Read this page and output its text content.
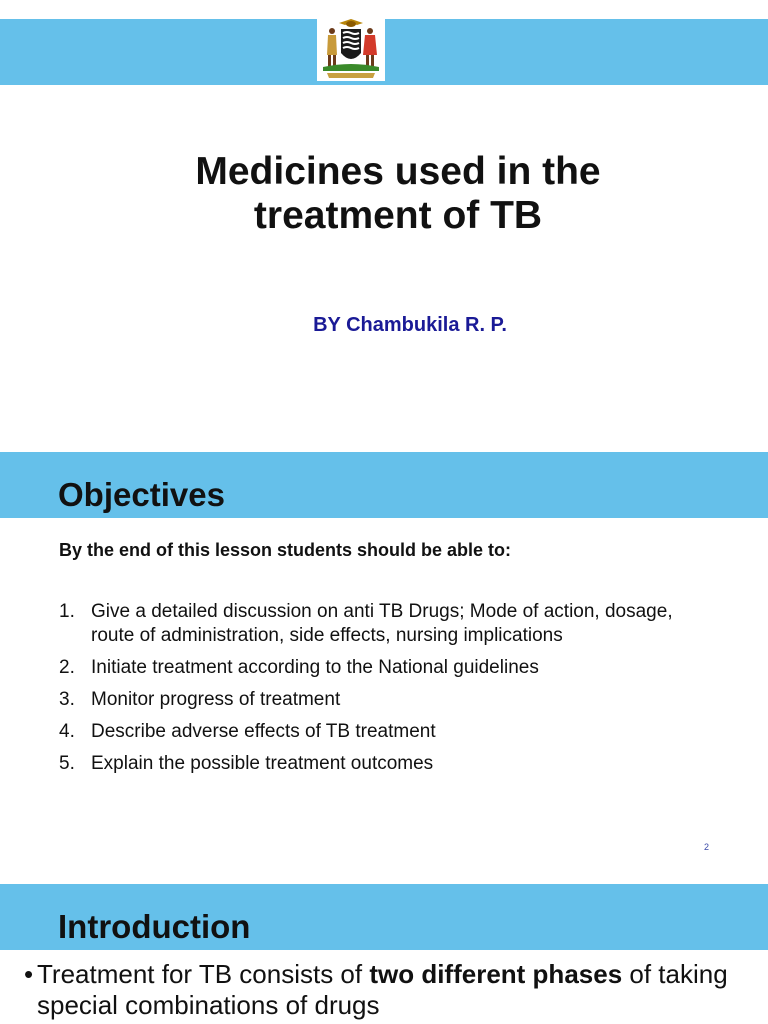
Medicines used in the
treatment of TB
BY Chambukila R. P.
Objectives
By the end of this lesson students should be able to:
1. Give a detailed discussion on anti TB Drugs; Mode of action, dosage, route of administration, side effects, nursing implications
2. Initiate treatment according to the National guidelines
3. Monitor progress of treatment
4. Describe adverse effects of TB treatment
5. Explain the possible treatment outcomes
2
Introduction
• Treatment for TB consists of two different phases of taking special combinations of drugs
